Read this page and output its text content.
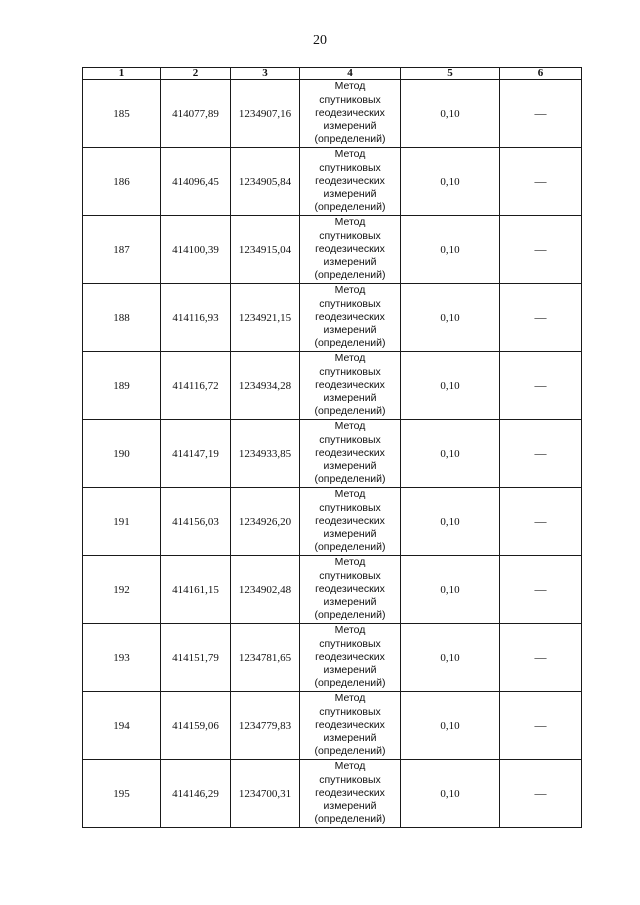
20
1	2	3	4	5	6
185	414077,89	1234907,16	Метод
спутниковых
геодезических
измерений
(определений)	0,10	—
186	414096,45	1234905,84	Метод
спутниковых
геодезических
измерений
(определений)	0,10	—
187	414100,39	1234915,04	Метод
спутниковых
геодезических
измерений
(определений)	0,10	—
188	414116,93	1234921,15	Метод
спутниковых
геодезических
измерений
(определений)	0,10	—
189	414116,72	1234934,28	Метод
спутниковых
геодезических
измерений
(определений)	0,10	—
190	414147,19	1234933,85	Метод
спутниковых
геодезических
измерений
(определений)	0,10	—
191	414156,03	1234926,20	Метод
спутниковых
геодезических
измерений
(определений)	0,10	—
192	414161,15	1234902,48	Метод
спутниковых
геодезических
измерений
(определений)	0,10	—
193	414151,79	1234781,65	Метод
спутниковых
геодезических
измерений
(определений)	0,10	—
194	414159,06	1234779,83	Метод
спутниковых
геодезических
измерений
(определений)	0,10	—
195	414146,29	1234700,31	Метод
спутниковых
геодезических
измерений
(определений)	0,10	—
